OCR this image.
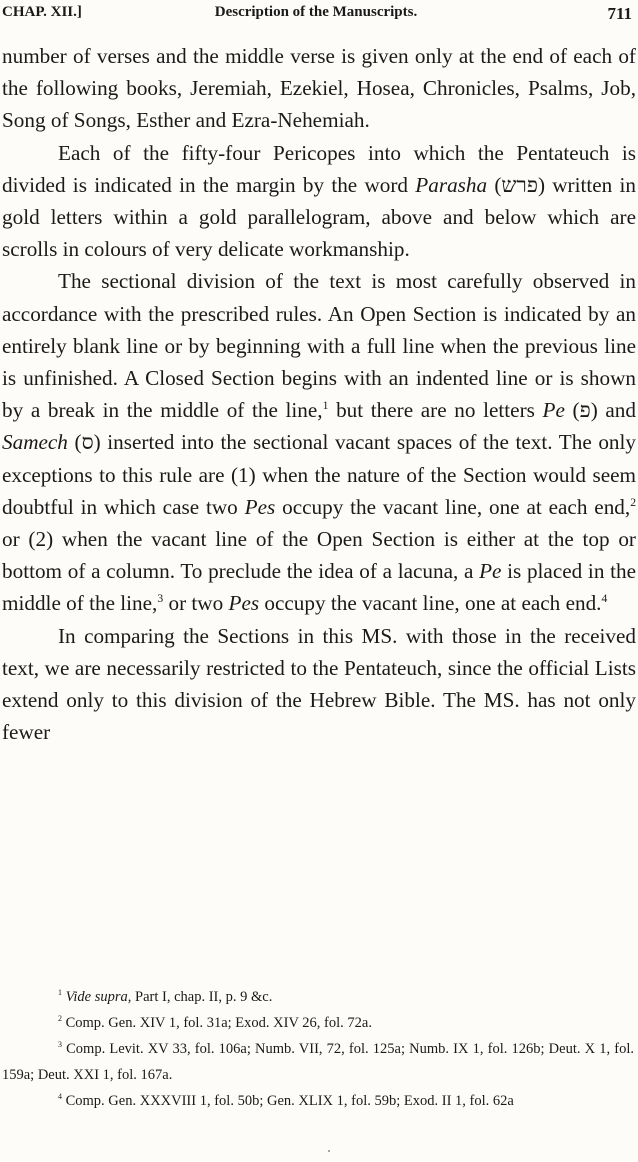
CHAP. XII.]	Description of the Manuscripts.	711

number of verses and the middle verse is given only at the end of each of the following books, Jeremiah, Ezekiel, Hosea, Chronicles, Psalms, Job, Song of Songs, Esther and Ezra-Nehemiah.

Each of the fifty-four Pericopes into which the Pentateuch is divided is indicated in the margin by the word Parasha (פרש) written in gold letters within a gold parallelogram, above and below which are scrolls in colours of very delicate workmanship.

The sectional division of the text is most carefully observed in accordance with the prescribed rules. An Open Section is indicated by an entirely blank line or by beginning with a full line when the previous line is unfinished. A Closed Section begins with an indented line or is shown by a break in the middle of the line,$^1$ but there are no letters Pe (פ) and Samech (ס) inserted into the sectional vacant spaces of the text. The only exceptions to this rule are (1) when the nature of the Section would seem doubtful in which case two Pes occupy the vacant line, one at each end,$^2$ or (2) when the vacant line of the Open Section is either at the top or bottom of a column. To preclude the idea of a lacuna, a Pe is placed in the middle of the line,$^3$ or two Pes occupy the vacant line, one at each end.$^4$

In comparing the Sections in this MS. with those in the received text, we are necessarily restricted to the Pentateuch, since the official Lists extend only to this division of the Hebrew Bible. The MS. has not only fewer

$^1$ Vide supra, Part I, chap. II, p. 9 &c.

$^2$ Comp. Gen. XIV 1, fol. 31a; Exod. XIV 26, fol. 72a.

$^3$ Comp. Levit. XV 33, fol. 106a; Numb. VII, 72, fol. 125a; Numb. IX 1, fol. 126b; Deut. X 1, fol. 159a; Deut. XXI 1, fol. 167a.

$^4$ Comp. Gen. XXXVIII 1, fol. 50b; Gen. XLIX 1, fol. 59b; Exod. II 1, fol. 62a
